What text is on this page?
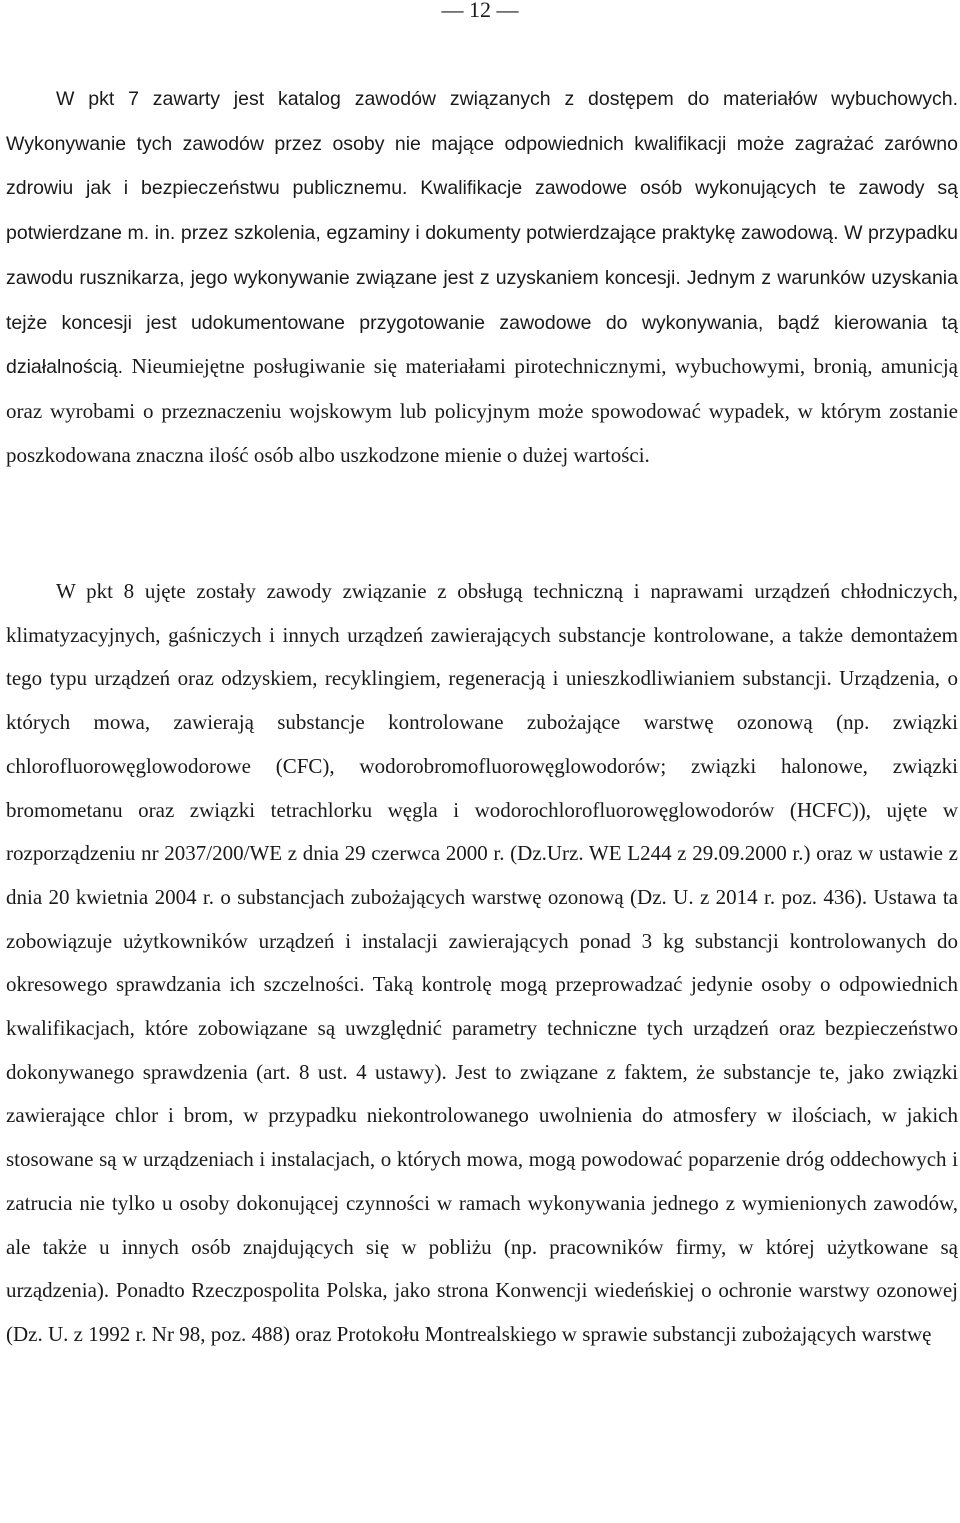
— 12 —

W pkt 7 zawarty jest katalog zawodów związanych z dostępem do materiałów wybuchowych. Wykonywanie tych zawodów przez osoby nie mające odpowiednich kwalifikacji może zagrażać zarówno zdrowiu jak i bezpieczeństwu publicznemu. Kwalifikacje zawodowe osób wykonujących te zawody są potwierdzane m. in. przez szkolenia, egzaminy i dokumenty potwierdzające praktykę zawodową. W przypadku zawodu rusznikarza, jego wykonywanie związane jest z uzyskaniem koncesji. Jednym z warunków uzyskania tejże koncesji jest udokumentowane przygotowanie zawodowe do wykonywania, bądź kierowania tą działalnością. Nieumiejętne posługiwanie się materiałami pirotechnicznymi, wybuchowymi, bronią, amunicją oraz wyrobami o przeznaczeniu wojskowym lub policyjnym może spowodować wypadek, w którym zostanie poszkodowana znaczna ilość osób albo uszkodzone mienie o dużej wartości.

W pkt 8 ujęte zostały zawody związanie z obsługą techniczną i naprawami urządzeń chłodniczych, klimatyzacyjnych, gaśniczych i innych urządzeń zawierających substancje kontrolowane, a także demontażem tego typu urządzeń oraz odzyskiem, recyklingiem, regeneracją i unieszkodliwianiem substancji. Urządzenia, o których mowa, zawierają substancje kontrolowane zubożające warstwę ozonową (np. związki chlorofluorowęglowodorowe (CFC), wodorobromofluorowęglowodorów; związki halonowe, związki bromometanu oraz związki tetrachlorku węgla i wodorochlorofluorowęglowodorów (HCFC)), ujęte w rozporządzeniu nr 2037/200/WE z dnia 29 czerwca 2000 r. (Dz.Urz. WE L244 z 29.09.2000 r.) oraz w ustawie z dnia 20 kwietnia 2004 r. o substancjach zubożających warstwę ozonową (Dz. U. z 2014 r. poz. 436). Ustawa ta zobowiązuje użytkowników urządzeń i instalacji zawierających ponad 3 kg substancji kontrolowanych do okresowego sprawdzania ich szczelności. Taką kontrolę mogą przeprowadzać jedynie osoby o odpowiednich kwalifikacjach, które zobowiązane są uwzględnić parametry techniczne tych urządzeń oraz bezpieczeństwo dokonywanego sprawdzenia (art. 8 ust. 4 ustawy). Jest to związane z faktem, że substancje te, jako związki zawierające chlor i brom, w przypadku niekontrolowanego uwolnienia do atmosfery w ilościach, w jakich stosowane są w urządzeniach i instalacjach, o których mowa, mogą powodować poparzenie dróg oddechowych i zatrucia nie tylko u osoby dokonującej czynności w ramach wykonywania jednego z wymienionych zawodów, ale także u innych osób znajdujących się w pobliżu (np. pracowników firmy, w której użytkowane są urządzenia). Ponadto Rzeczpospolita Polska, jako strona Konwencji wiedeńskiej o ochronie warstwy ozonowej (Dz. U. z 1992 r. Nr 98, poz. 488) oraz Protokołu Montrealskiego w sprawie substancji zubożających warstwę
